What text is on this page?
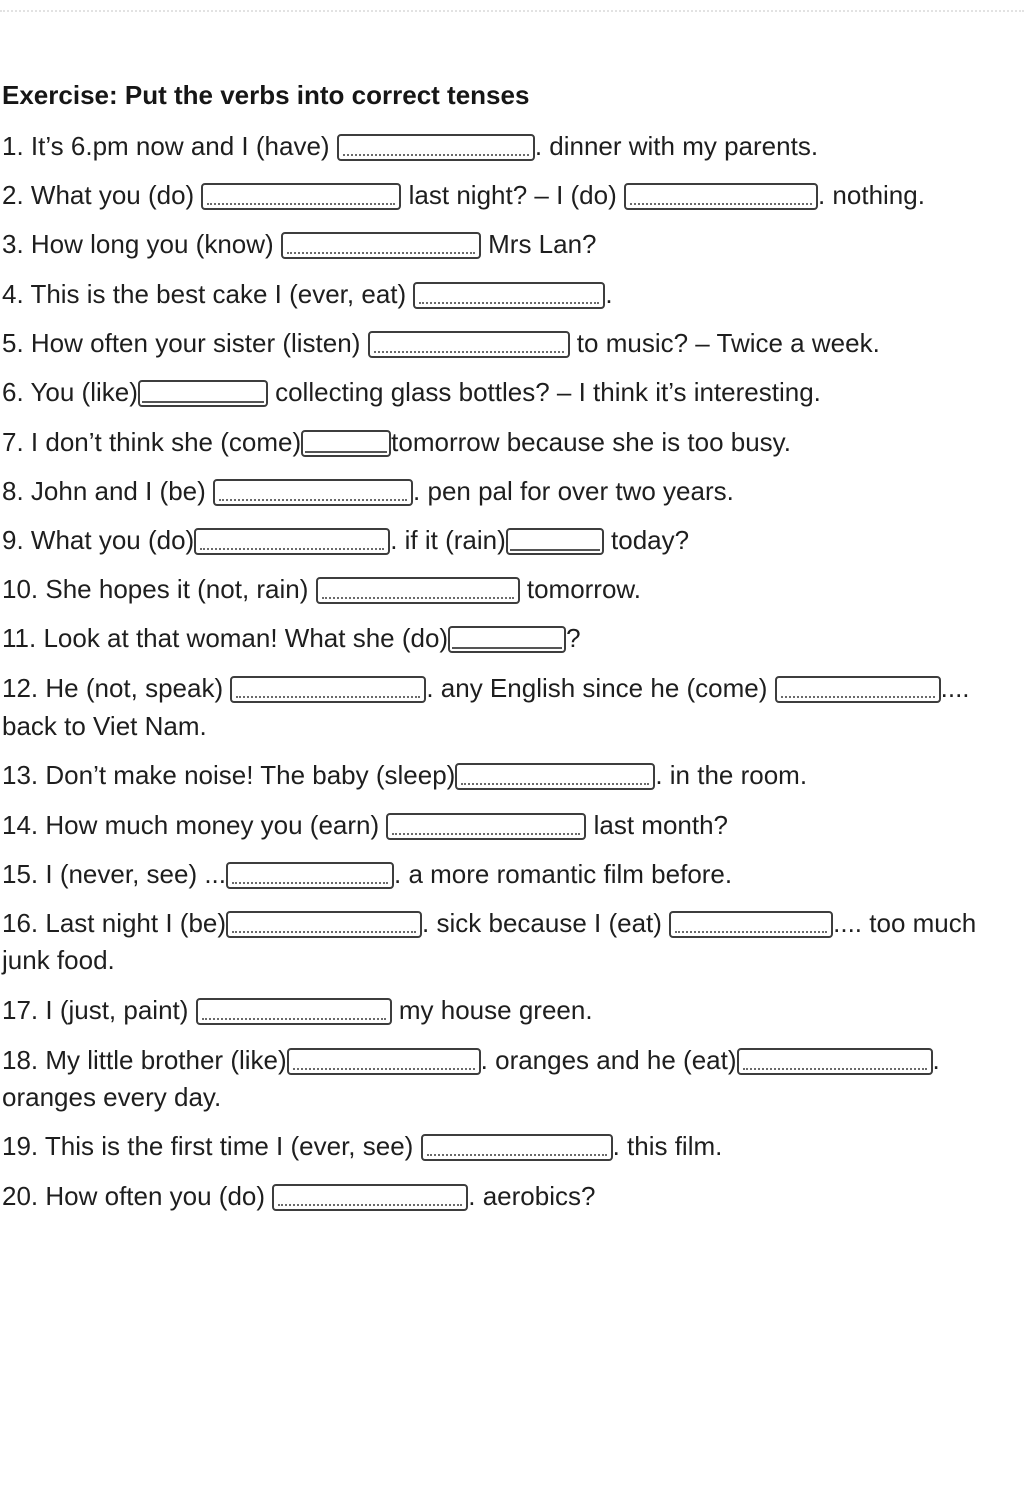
Exercise: Put the verbs into correct tenses
1. It’s 6.pm now and I (have)	. dinner with my parents.
2. What you (do)	last night? – I (do)	. nothing.
3. How long you (know)	Mrs Lan?
4. This is the best cake I (ever, eat)	.
5. How often your sister (listen)	to music? – Twice a week.
6. You (like)	collecting glass bottles? – I think it’s interesting.
7. I don’t think she (come)	tomorrow because she is too busy.
8. John and I (be)	. pen pal for over two years.
9. What you (do)	. if it (rain)	today?
10. She hopes it (not, rain)	tomorrow.
11. Look at that woman! What she (do)	?
12. He (not, speak)	. any English since he (come)	....
back to Viet Nam.
13. Don’t make noise! The baby (sleep)	. in the room.
14. How much money you (earn)	last month?
15. I (never, see) ...	. a more romantic film before.
16. Last night I (be)	. sick because I (eat)	.... too much
junk food.
17. I (just, paint)	my house green.
18. My little brother (like)	. oranges and he (eat)	.
oranges every day.
19. This is the first time I (ever, see)	. this film.
20. How often you (do)	. aerobics?
